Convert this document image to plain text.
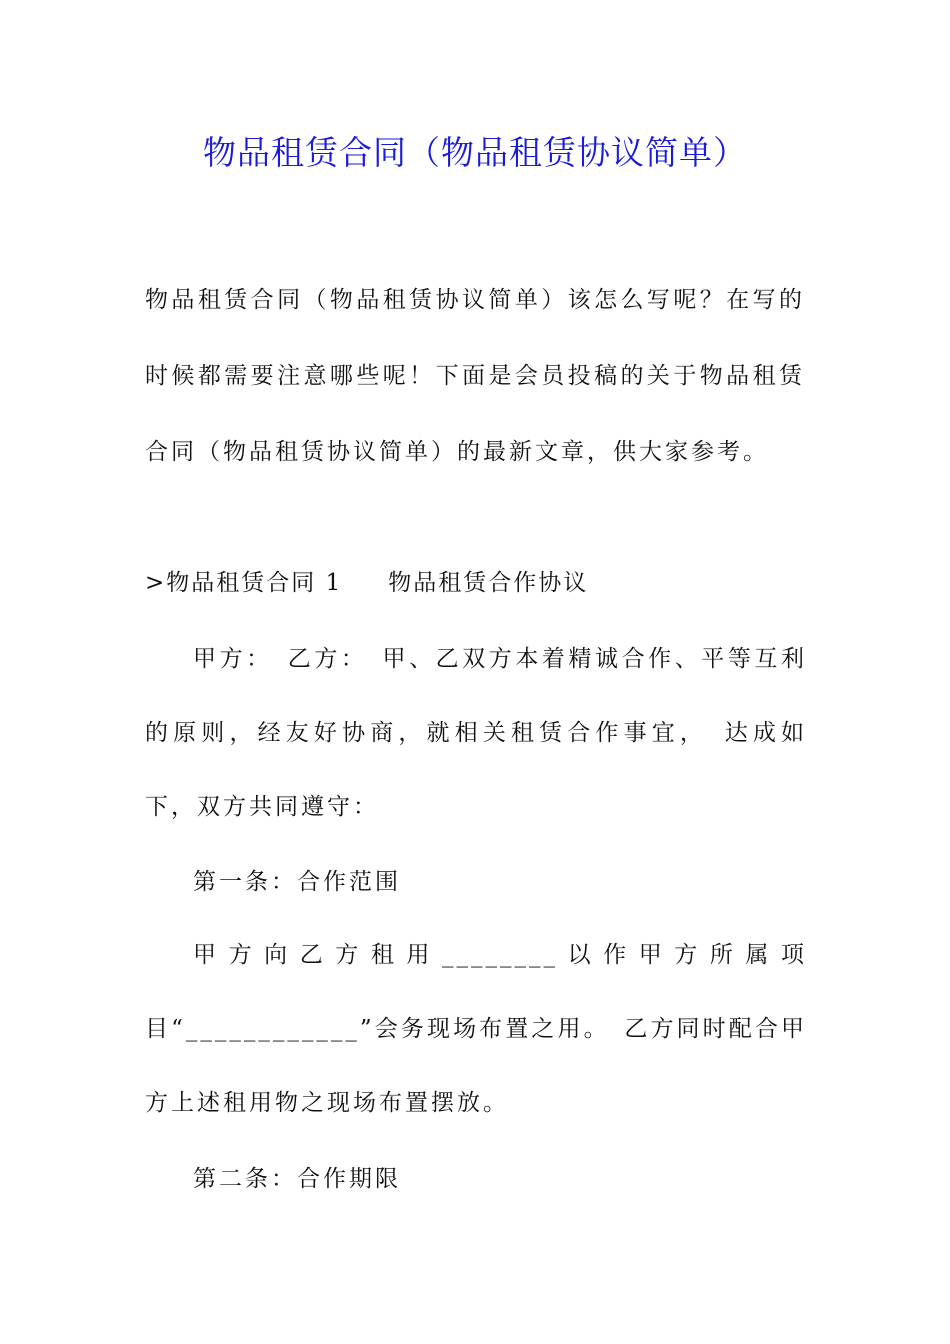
物品租赁合同（物品租赁协议简单）

物品租赁合同（物品租赁协议简单）该怎么写呢？在写的时候都需要注意哪些呢！下面是会员投稿的关于物品租赁合同（物品租赁协议简单）的最新文章，供大家参考。

>物品租赁合同 1 物品租赁合作协议

甲方：　乙方：　甲、乙双方本着精诚合作、平等互利的原则，经友好协商，就相关租赁合作事宜，　达成如下，双方共同遵守：

第一条：合作范围

甲方向乙方租用________以作甲方所属项目“____________”会务现场布置之用。　乙方同时配合甲方上述租用物之现场布置摆放。

第二条：合作期限
